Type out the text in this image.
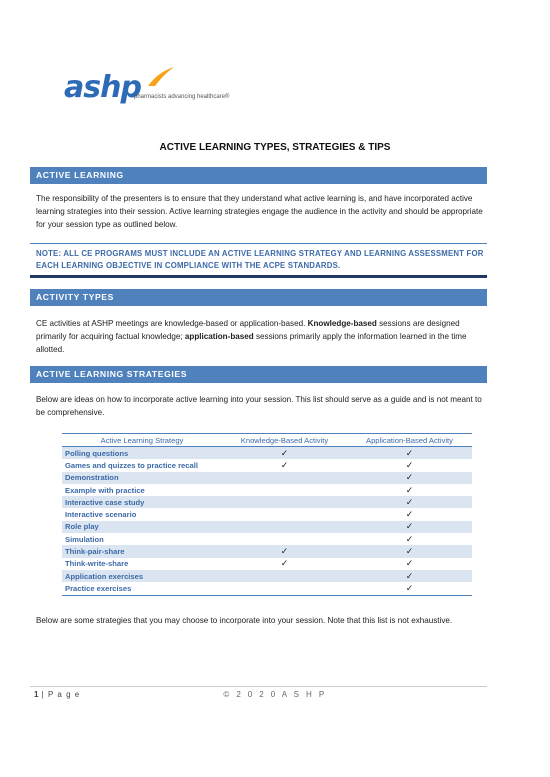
ashp
pharmacists advancing healthcare®
ACTIVE LEARNING TYPES, STRATEGIES & TIPS
ACTIVE LEARNING
The responsibility of the presenters is to ensure that they understand what active learning is, and have incorporated active learning strategies into their session. Active learning strategies engage the audience in the activity and should be appropriate for your session type as outlined below.
NOTE: ALL CE PROGRAMS MUST INCLUDE AN ACTIVE LEARNING STRATEGY AND LEARNING ASSESSMENT FOR EACH LEARNING OBJECTIVE IN COMPLIANCE WITH THE ACPE STANDARDS.
ACTIVITY TYPES
CE activities at ASHP meetings are knowledge-based or application-based. Knowledge-based sessions are designed primarily for acquiring factual knowledge; application-based sessions primarily apply the information learned in the time allotted.
ACTIVE LEARNING STRATEGIES
Below are ideas on how to incorporate active learning into your session. This list should serve as a guide and is not meant to be comprehensive.
Active Learning Strategy	Knowledge-Based Activity	Application-Based Activity
Polling questions	✓	✓
Games and quizzes to practice recall	✓	✓
Demonstration		✓
Example with practice		✓
Interactive case study		✓
Interactive scenario		✓
Role play		✓
Simulation		✓
Think-pair-share	✓	✓
Think-write-share	✓	✓
Application exercises		✓
Practice exercises		✓
Below are some strategies that you may choose to incorporate into your session. Note that this list is not exhaustive.
1 | P a g e	© 2 0 2 0 A S H P
